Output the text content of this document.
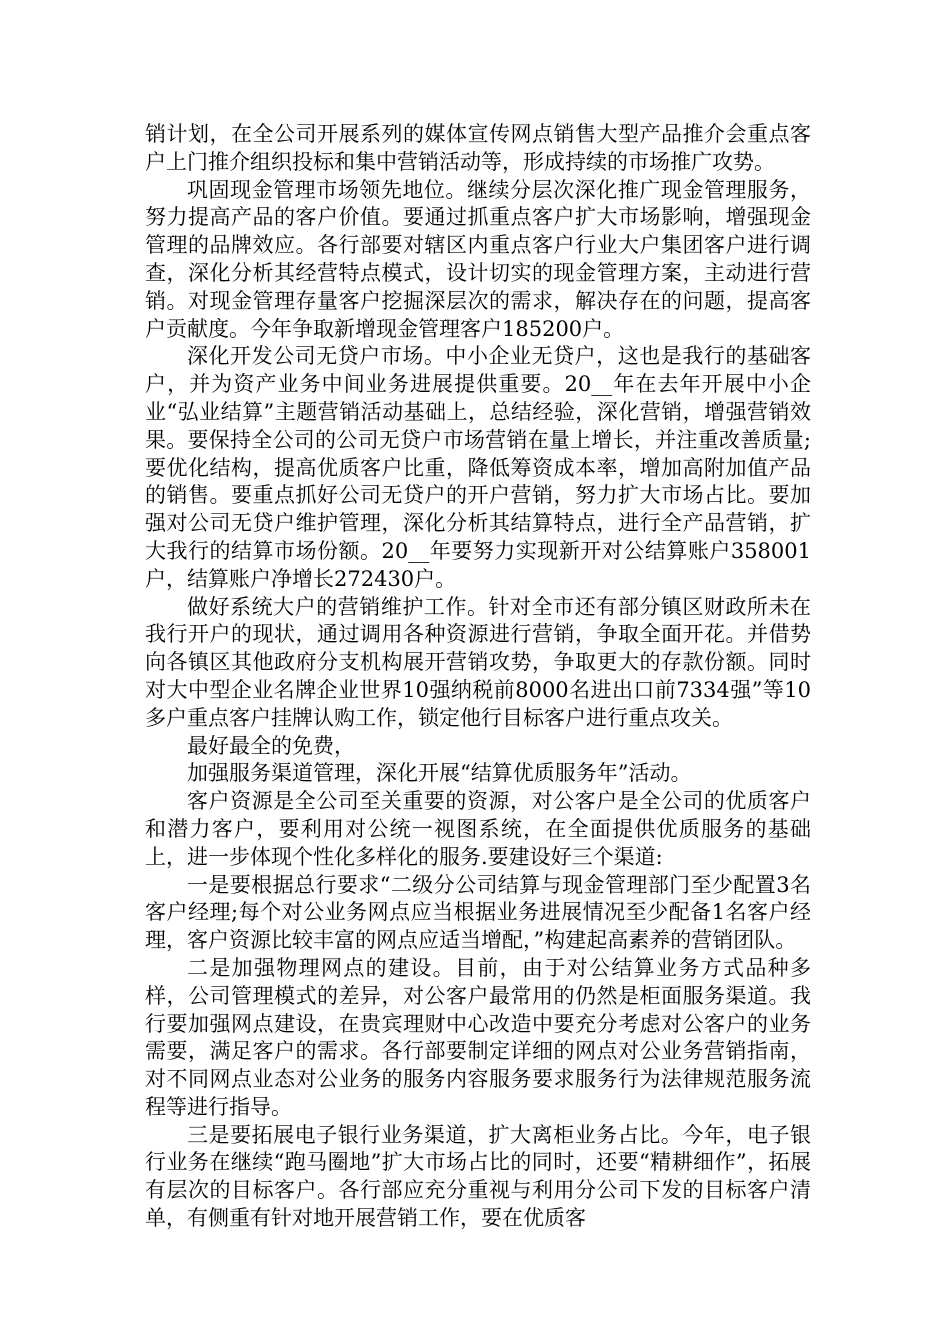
销计划，在全公司开展系列的媒体宣传网点销售大型产品推介会重点客户上门推介组织投标和集中营销活动等，形成持续的市场推广攻势。

巩固现金管理市场领先地位。继续分层次深化推广现金管理服务，努力提高产品的客户价值。要通过抓重点客户扩大市场影响，增强现金管理的品牌效应。各行部要对辖区内重点客户行业大户集团客户进行调查，深化分析其经营特点模式，设计切实的现金管理方案，主动进行营销。对现金管理存量客户挖掘深层次的需求，解决存在的问题，提高客户贡献度。今年争取新增现金管理客户185200户。

深化开发公司无贷户市场。中小企业无贷户，这也是我行的基础客户，并为资产业务中间业务进展提供重要。20__年在去年开展中小企业“弘业结算”主题营销活动基础上，总结经验，深化营销，增强营销效果。要保持全公司的公司无贷户市场营销在量上增长，并注重改善质量;要优化结构，提高优质客户比重，降低筹资成本率，增加高附加值产品的销售。要重点抓好公司无贷户的开户营销，努力扩大市场占比。要加强对公司无贷户维护管理，深化分析其结算特点，进行全产品营销，扩大我行的结算市场份额。20__年要努力实现新开对公结算账户358001户，结算账户净增长272430户。

做好系统大户的营销维护工作。针对全市还有部分镇区财政所未在我行开户的现状，通过调用各种资源进行营销，争取全面开花。并借势向各镇区其他政府分支机构展开营销攻势，争取更大的存款份额。同时对大中型企业名牌企业世界10强纳税前8000名进出口前7334强”等10多户重点客户挂牌认购工作，锁定他行目标客户进行重点攻关。

最好最全的免费，

加强服务渠道管理，深化开展“结算优质服务年”活动。

客户资源是全公司至关重要的资源，对公客户是全公司的优质客户和潜力客户，要利用对公统一视图系统，在全面提供优质服务的基础上，进一步体现个性化多样化的服务.要建设好三个渠道:

一是要根据总行要求“二级分公司结算与现金管理部门至少配置3名客户经理;每个对公业务网点应当根据业务进展情况至少配备1名客户经理，客户资源比较丰富的网点应适当增配，”构建起高素养的营销团队。

二是加强物理网点的建设。目前，由于对公结算业务方式品种多样，公司管理模式的差异，对公客户最常用的仍然是柜面服务渠道。我行要加强网点建设，在贵宾理财中心改造中要充分考虑对公客户的业务需要，满足客户的需求。各行部要制定详细的网点对公业务营销指南，对不同网点业态对公业务的服务内容服务要求服务行为法律规范服务流程等进行指导。

三是要拓展电子银行业务渠道，扩大离柜业务占比。今年，电子银行业务在继续“跑马圈地”扩大市场占比的同时，还要“精耕细作”，拓展有层次的目标客户。各行部应充分重视与利用分公司下发的目标客户清单，有侧重有针对地开展营销工作，要在优质客
